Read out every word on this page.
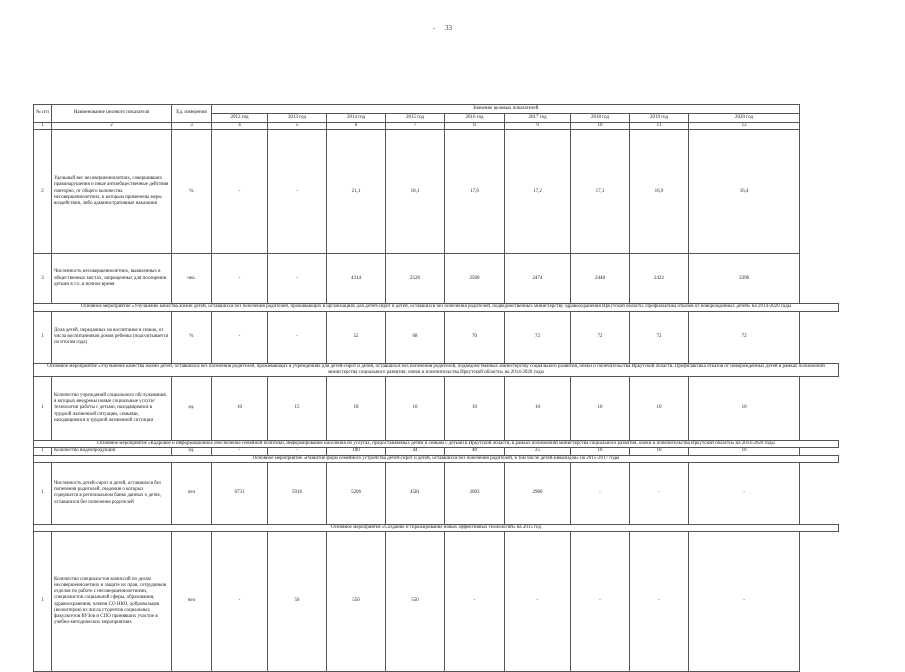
- 33
№ п/п	Наименование целевого показателя	Ед. измерения	Значение целевых показателей								
			2012 год	2013 год	2014 год	2015 год	2016 год	2017 год	2018 год	2019 год	2020 год
1	2	3	4	5	6	7	8	9	10	11	12
2	Удельный вес несовершеннолетних, совершивших правонарушения и иные антиобщественные действия повторно, от общего количества несовершеннолетних, к которым применены меры воздействия, либо административные наказания	%	-	-	21,1	18,1	17,6	17,2	17,1	16,9	16,4
3	Численность несовершеннолетних, выявленных в общественных местах, запрещенных для посещения детьми в т.ч. в ночное время	чел.	-	-	4314	2526	2500	2474	2448	2422	2396
Основное мероприятие «Улучшение качества жизни детей, оставшихся без попечения родителей, проживающих в организациях для детей-сирот и детей, оставшихся без попечения родителей, подведомственных министерству здравоохранения Иркутской области. Профилактика отказов от новорожденных детей» на 2014-2020 годы											
1	Доля детей, переданных на воспитание в семью, от числа воспитанников домов ребенка (подсчитывается по итогам года)	%	-	-	52	68	70	72	72	72	72
Основное мероприятие «Улучшение качества жизни детей, оставшихся без попечения родителей, проживающих в учреждениях для детей-сирот и детей, оставшихся без попечения родителей, подведомственных министерству социального развития, опеки и попечительства Иркутской области. Профилактика отказов от новорожденных детей в рамках полномочий министерства социального развития, опеки и попечительства Иркутской области» на 2014-2020 годы											
1	Количество учреждений социального обслуживания, в которых внедрены новые социальные услуги/технологии работы с детьми, находящимися в трудной жизненной ситуации, семьями, находящимися в трудной жизненной ситуации	ед.	10	15	18	10	10	10	10	10	10
Основное мероприятие «Кадровое и информационное обеспечение семейной политики, информирование населения об услугах, предоставляемых детям и семьям с детьми в Иркутской области, в рамках полномочий министерства социального развития, опеки и попечительства Иркутской области» на 2014-2020 годы											
1	Количество видеопродукции	ед.	-	-	100	44	40	25	16	16	16
Основное мероприятие «Развитие форм семейного устройства детей-сирот и детей, оставшихся без попечения родителей, в том числе детей-инвалидов» на 2015-2017 годы											
1	Численность детей-сирот и детей, оставшихся без попечения родителей, сведения о которых содержатся в региональном банке данных о детях, оставшихся без попечения родителей	чел	6731	5916	5206	4581	3003	2960	-	-	-
Основное мероприятие «Создание и тиражирование новых эффективных технологий» на 2015 год											
1	Количество специалистов комиссий по делам несовершеннолетних и защите их прав, сотрудников отделов по работе с несовершеннолетними, специалистов социальной сферы, образования, здравоохранения, членов СО НКО, добровольцев (волонтеров) из числа студентов социальных факультетов ВУЗов и СПО принявших участие в учебно-методических мероприятиях	чел	-	50	550	550	-	-	-	-	-
